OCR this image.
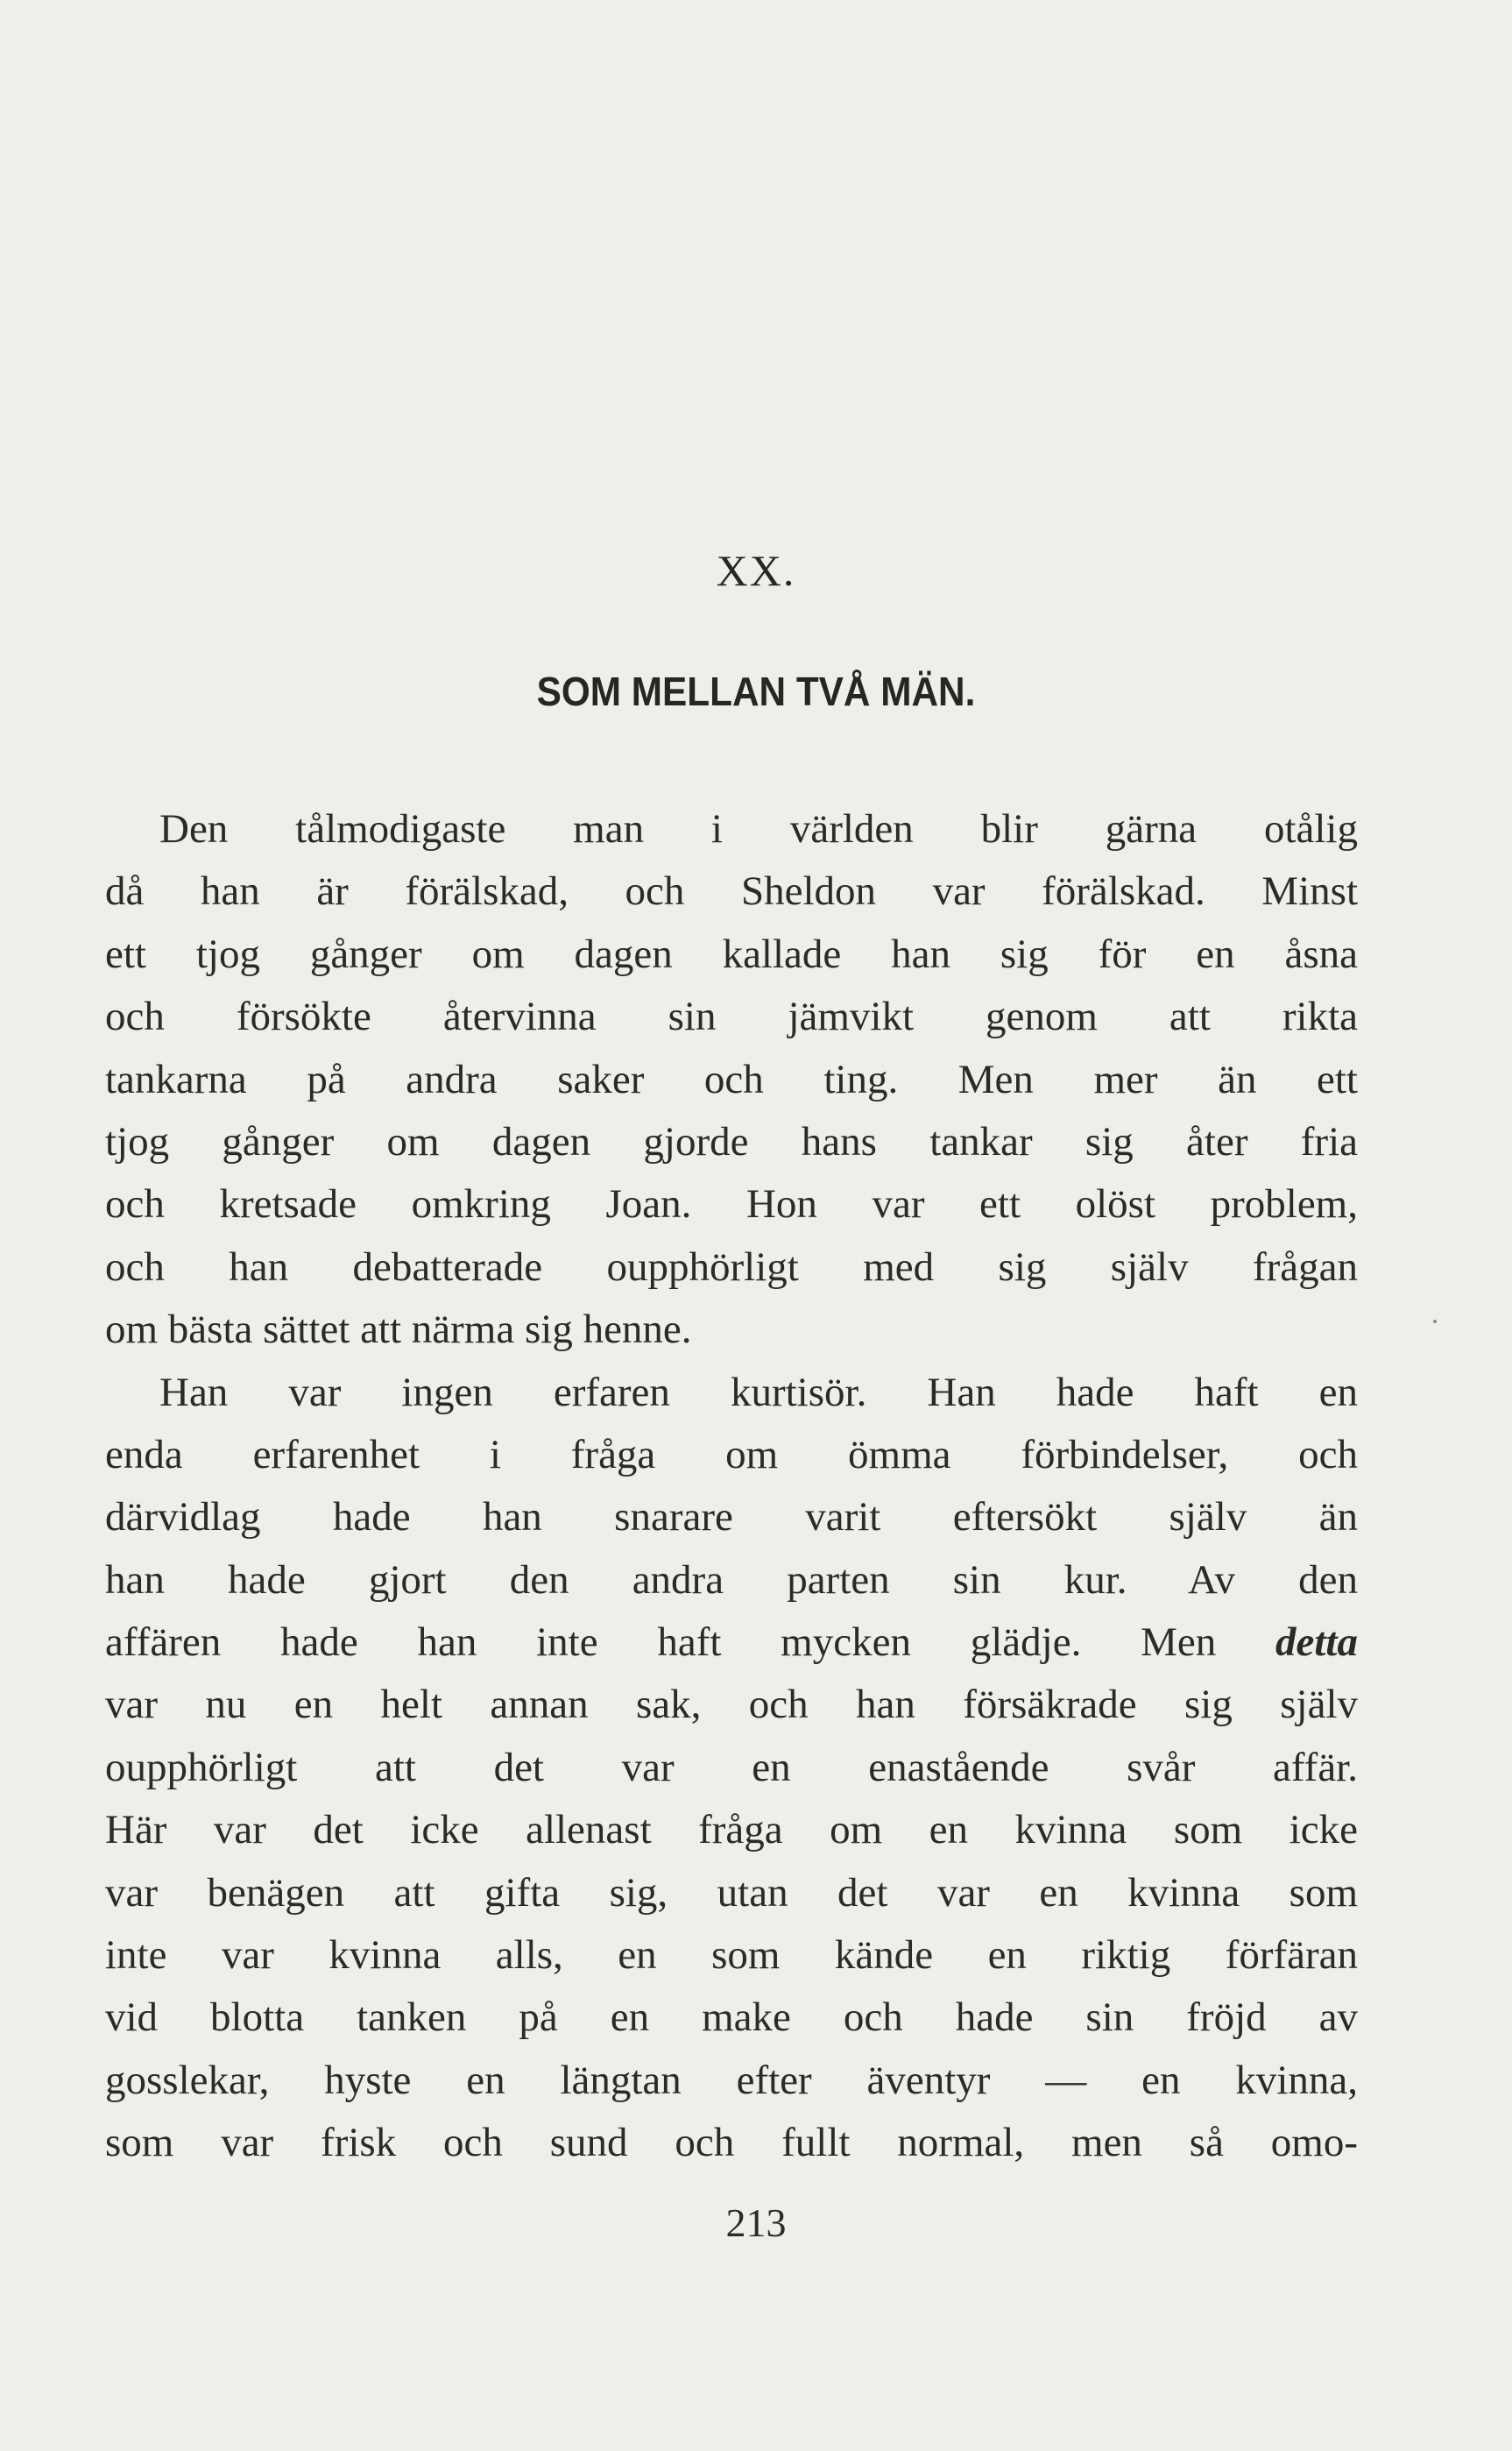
XX.
SOM MELLAN TVÅ MÄN.
Den tålmodigaste man i världen blir gärna otålig
då han är förälskad, och Sheldon var förälskad. Minst
ett tjog gånger om dagen kallade han sig för en åsna
och försökte återvinna sin jämvikt genom att rikta
tankarna på andra saker och ting. Men mer än ett
tjog gånger om dagen gjorde hans tankar sig åter fria
och kretsade omkring Joan. Hon var ett olöst problem,
och han debatterade oupphörligt med sig själv frågan
om bästa sättet att närma sig henne.
Han var ingen erfaren kurtisör. Han hade haft en
enda erfarenhet i fråga om ömma förbindelser, och
därvidlag hade han snarare varit eftersökt själv än
han hade gjort den andra parten sin kur. Av den
affären hade han inte haft mycken glädje. Men detta
var nu en helt annan sak, och han försäkrade sig själv
oupphörligt att det var en enastående svår affär.
Här var det icke allenast fråga om en kvinna som icke
var benägen att gifta sig, utan det var en kvinna som
inte var kvinna alls, en som kände en riktig förfäran
vid blotta tanken på en make och hade sin fröjd av
gosslekar, hyste en längtan efter äventyr — en kvinna,
som var frisk och sund och fullt normal, men så omo-
213
